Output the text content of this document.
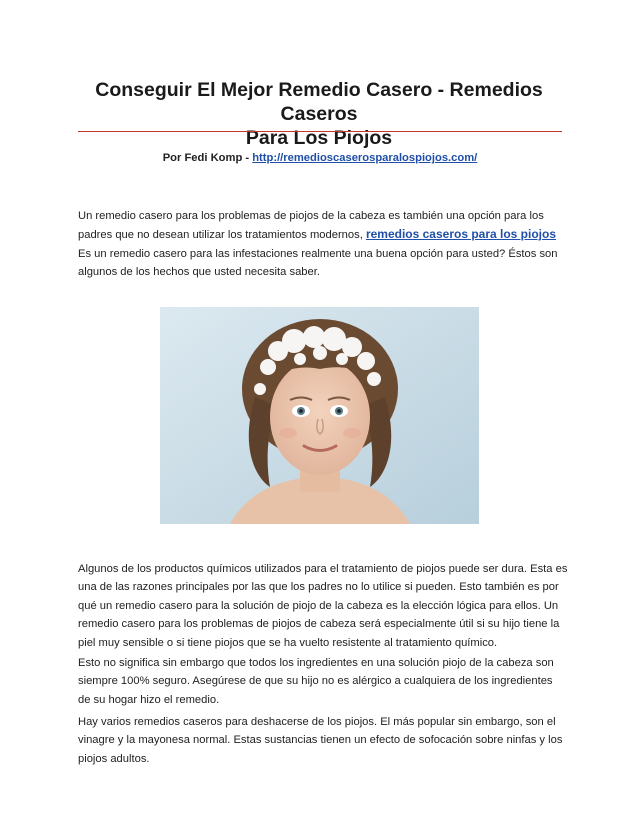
Conseguir El Mejor Remedio Casero - Remedios Caseros
Para Los Piojos
Por Fedi Komp - http://remedioscaserosparalospiojos.com/

Un remedio casero para los problemas de piojos de la cabeza es también una opción para los padres que no desean utilizar los tratamientos modernos, remedios caseros para los piojos Es un remedio casero para las infestaciones realmente una buena opción para usted? Éstos son algunos de los hechos que usted necesita saber.

Algunos de los productos químicos utilizados para el tratamiento de piojos puede ser dura. Esta es una de las razones principales por las que los padres no lo utilice si pueden. Esto también es por qué un remedio casero para la solución de piojo de la cabeza es la elección lógica para ellos. Un remedio casero para los problemas de piojos de cabeza será especialmente útil si su hijo tiene la piel muy sensible o si tiene piojos que se ha vuelto resistente al tratamiento químico.

Esto no significa sin embargo que todos los ingredientes en una solución piojo de la cabeza son siempre 100% seguro. Asegúrese de que su hijo no es alérgico a cualquiera de los ingredientes de su hogar hizo el remedio.

Hay varios remedios caseros para deshacerse de los piojos. El más popular sin embargo, son el vinagre y la mayonesa normal. Estas sustancias tienen un efecto de sofocación sobre ninfas y los piojos adultos.
